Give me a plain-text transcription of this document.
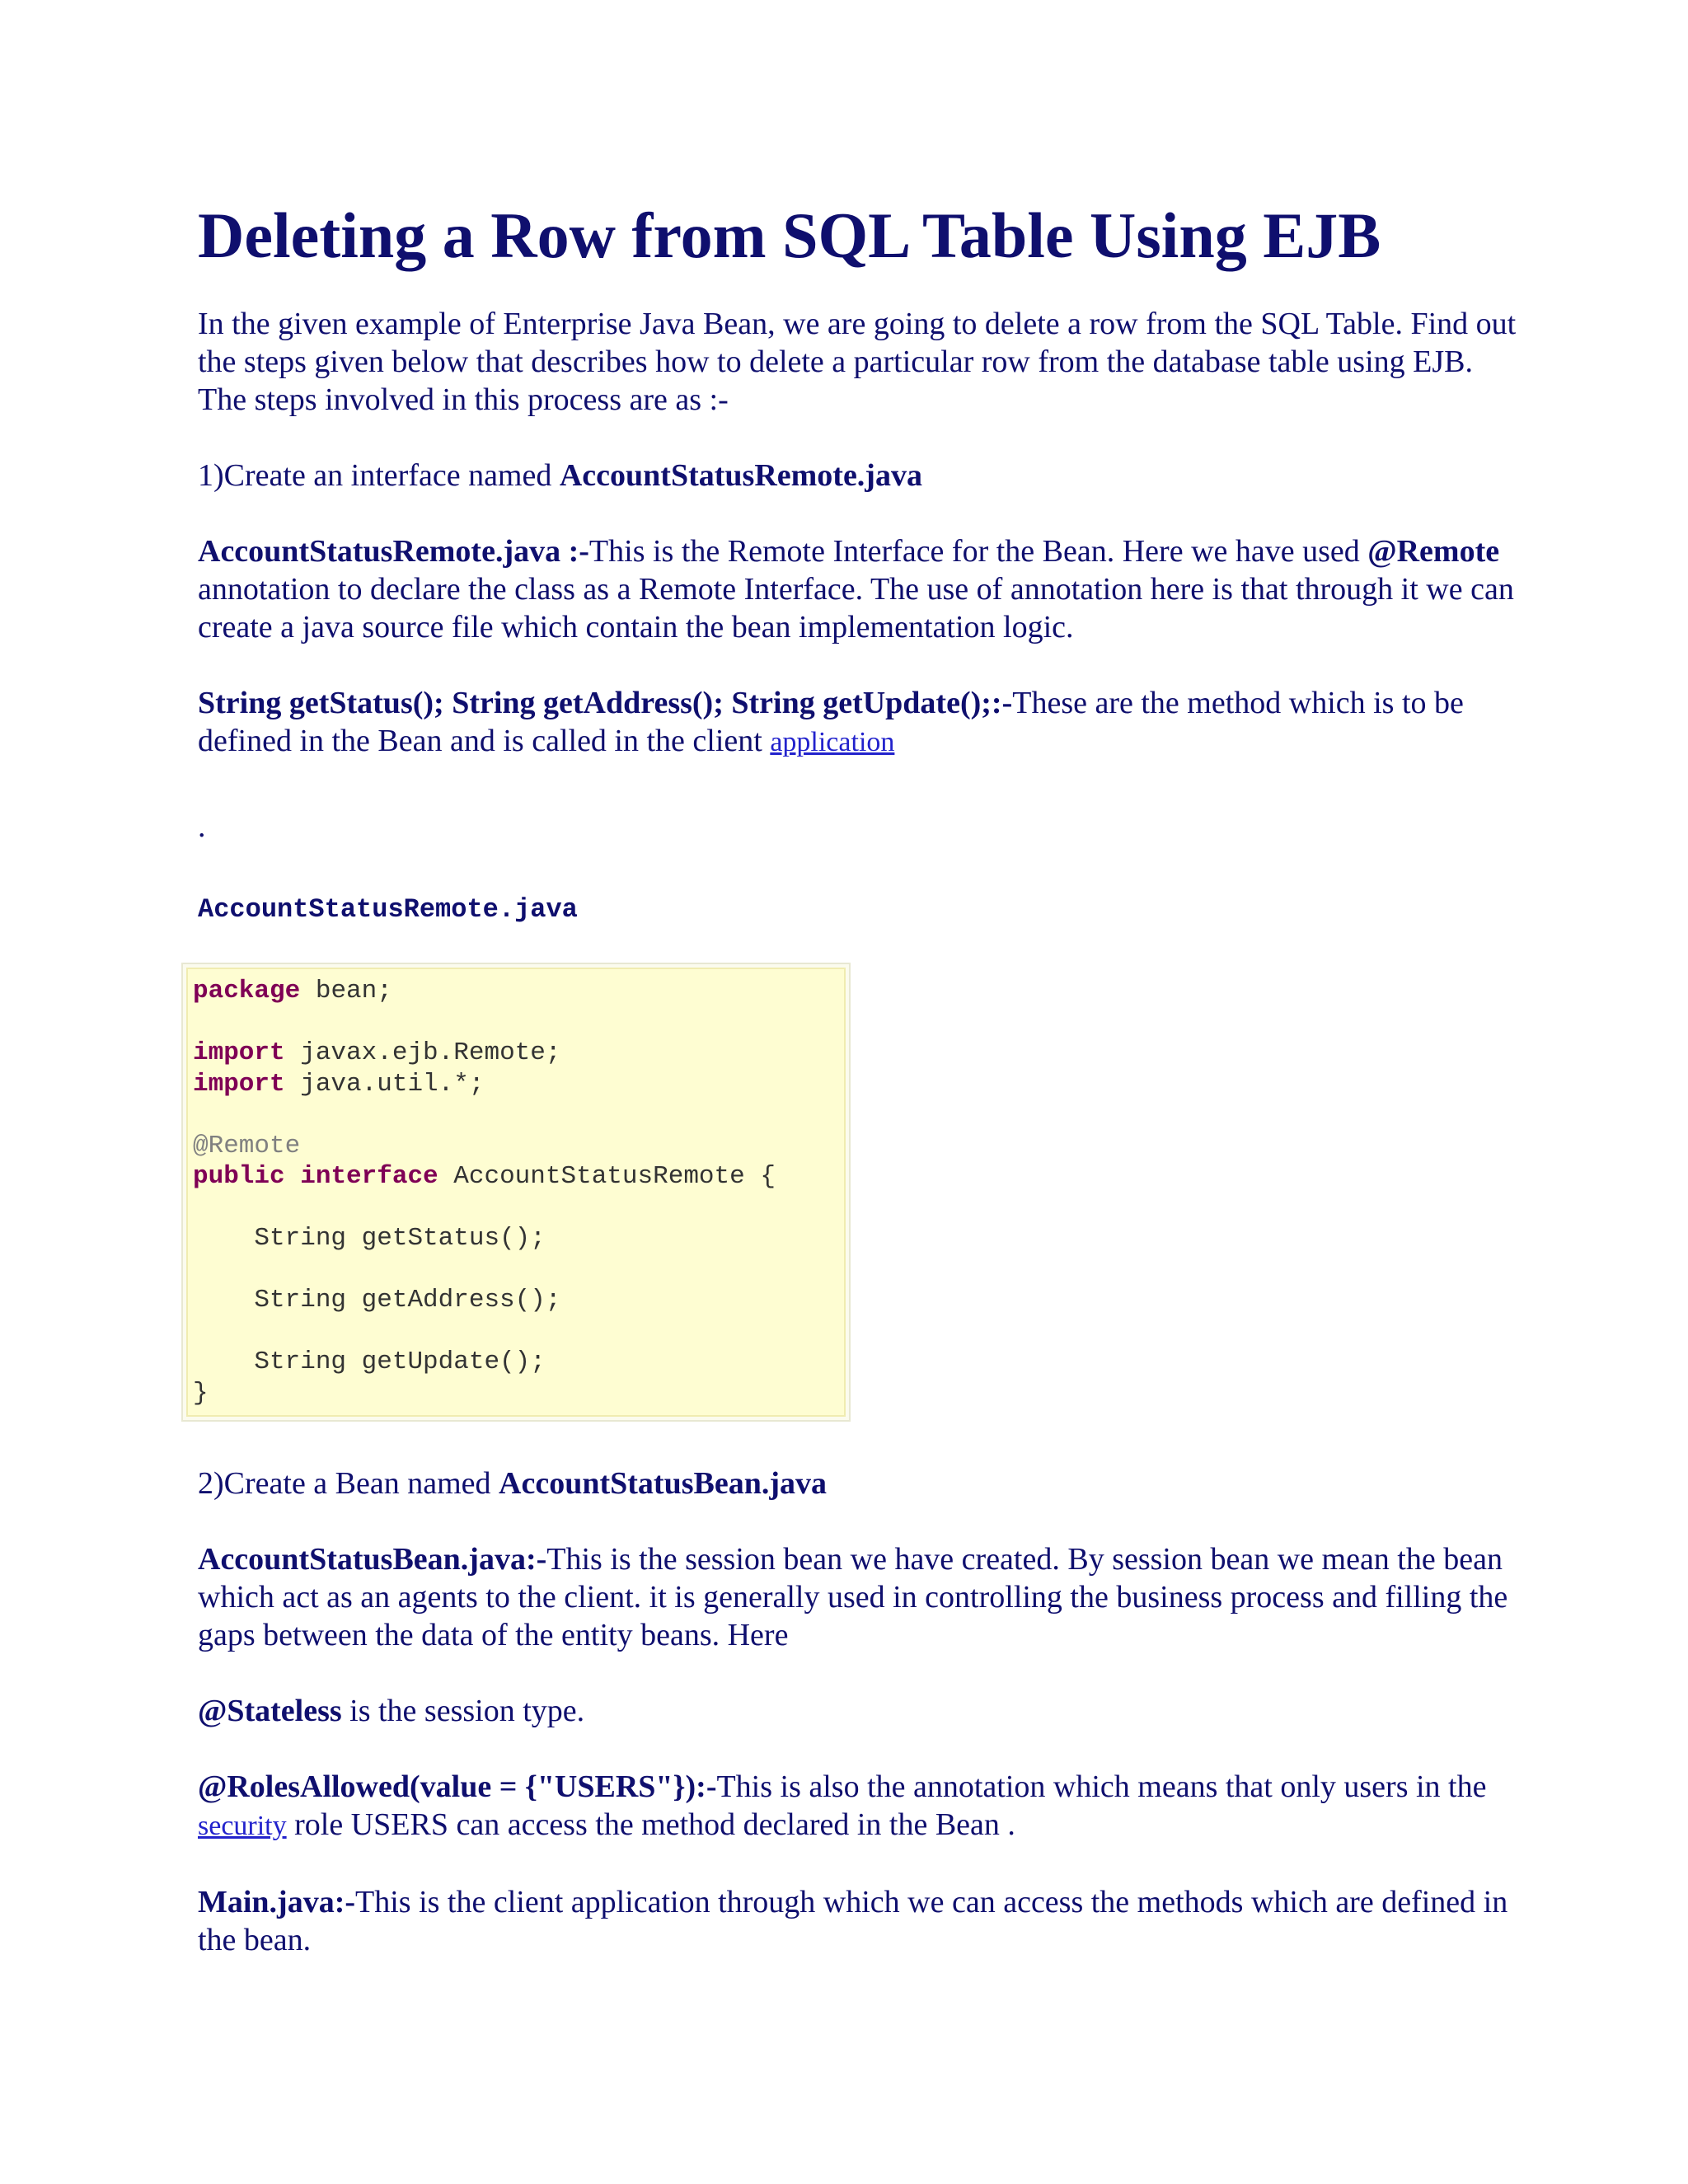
Deleting a Row from SQL Table Using EJB

In the given example of Enterprise Java Bean, we are going to delete a row from the SQL Table. Find out the steps given below that describes how to delete a particular row from the database table using EJB. The steps involved in this process are as :-

1)Create an interface named AccountStatusRemote.java

AccountStatusRemote.java :-This is the Remote Interface for the Bean. Here we have used @Remote annotation to declare the class as a Remote Interface. The use of annotation here is that through it we can create a java source file which contain the bean implementation logic.

String getStatus(); String getAddress(); String getUpdate();:-These are the method which is to be defined in the Bean and is called in the client application

.

AccountStatusRemote.java
package bean;
import javax.ejb.Remote;
import java.util.*;
@Remote
public interface AccountStatusRemote {
String getStatus();
String getAddress();
String getUpdate();
}

2)Create a Bean named AccountStatusBean.java

AccountStatusBean.java:-This is the session bean we have created. By session bean we mean the bean which act as an agents to the client. it is generally used in controlling the business process and filling the gaps between the data of the entity beans. Here

@Stateless is the session type.

@RolesAllowed(value = {"USERS"}):-This is also the annotation which means that only users in the security role USERS can access the method declared in the Bean .

Main.java:-This is the client application through which we can access the methods which are defined in the bean.
